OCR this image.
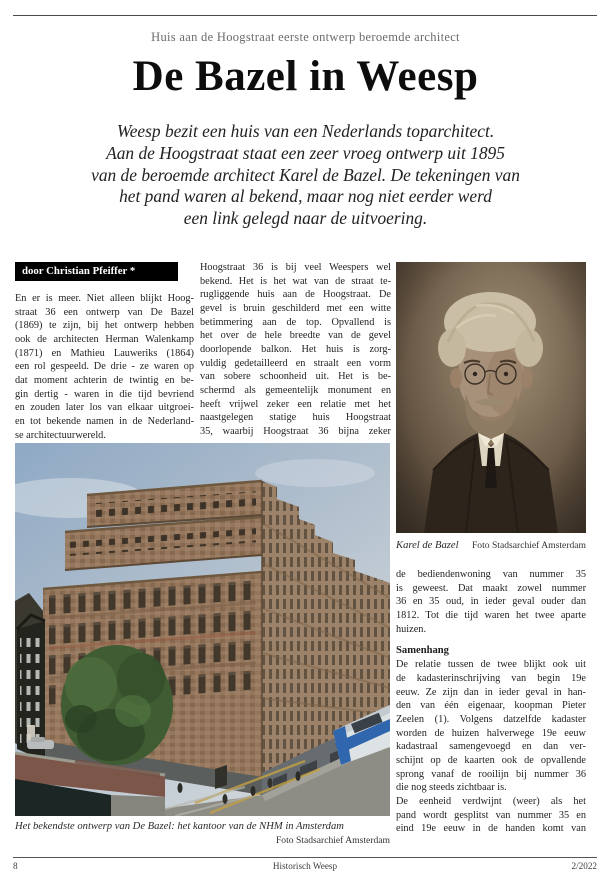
Huis aan de Hoogstraat eerste ontwerp beroemde architect
De Bazel in Weesp
Weesp bezit een huis van een Nederlands toparchitect.
Aan de Hoogstraat staat een zeer vroeg ontwerp uit 1895
van de beroemde architect Karel de Bazel. De tekeningen van
het pand waren al bekend, maar nog niet eerder werd
een link gelegd naar de uitvoering.
door Christian Pfeiffer *
En er is meer. Niet alleen blijkt Hoog-
straat 36 een ontwerp van De Bazel
(1869) te zijn, bij het ontwerp hebben
ook de architecten Herman Walenkamp
(1871) en Mathieu Lauweriks (1864)
een rol gespeeld. De drie - ze waren op
dat moment achterin de twintig en be-
gin dertig - waren in die tijd bevriend
en zouden later los van elkaar uitgroei-
en tot bekende namen in de Nederland-
se architectuurwereld.
Hoogstraat 36 is bij veel Weespers wel
bekend. Het is het wat van de straat te-
rugliggende huis aan de Hoogstraat. De
gevel is bruin geschilderd met een witte
betimmering aan de top. Opvallend is
het over de hele breedte van de gevel
doorlopende balkon. Het huis is zorg-
vuldig gedetailleerd en straalt een vorm
van sobere schoonheid uit. Het is be-
schermd als gemeentelijk monument en
heeft vrijwel zeker een relatie met het
naastgelegen statige huis Hoogstraat
35, waarbij Hoogstraat 36 bijna zeker
Karel de Bazel Foto Stadsarchief Amsterdam
de bediendenwoning van nummer 35
is geweest. Dat maakt zowel nummer
36 en 35 oud, in ieder geval ouder dan
1812. Tot die tijd waren het twee aparte
huizen.
Samenhang
De relatie tussen de twee blijkt ook uit
de kadasterinschrijving van begin 19e
eeuw. Ze zijn dan in ieder geval in han-
den van één eigenaar, koopman Pieter
Zeelen (1). Volgens datzelfde kadaster
worden de huizen halverwege 19e eeuw
kadastraal samengevoegd en dan ver-
schijnt op de kaarten ook de opvallende
sprong vanaf de rooilijn bij nummer 36
die nog steeds zichtbaar is.
De eenheid verdwijnt (weer) als het
pand wordt gesplitst van nummer 35 en
eind 19e eeuw in de handen komt van
Het bekendste ontwerp van De Bazel: het kantoor van de NHM in Amsterdam
Foto Stadsarchief Amsterdam
8	Historisch Weesp	2/2022
